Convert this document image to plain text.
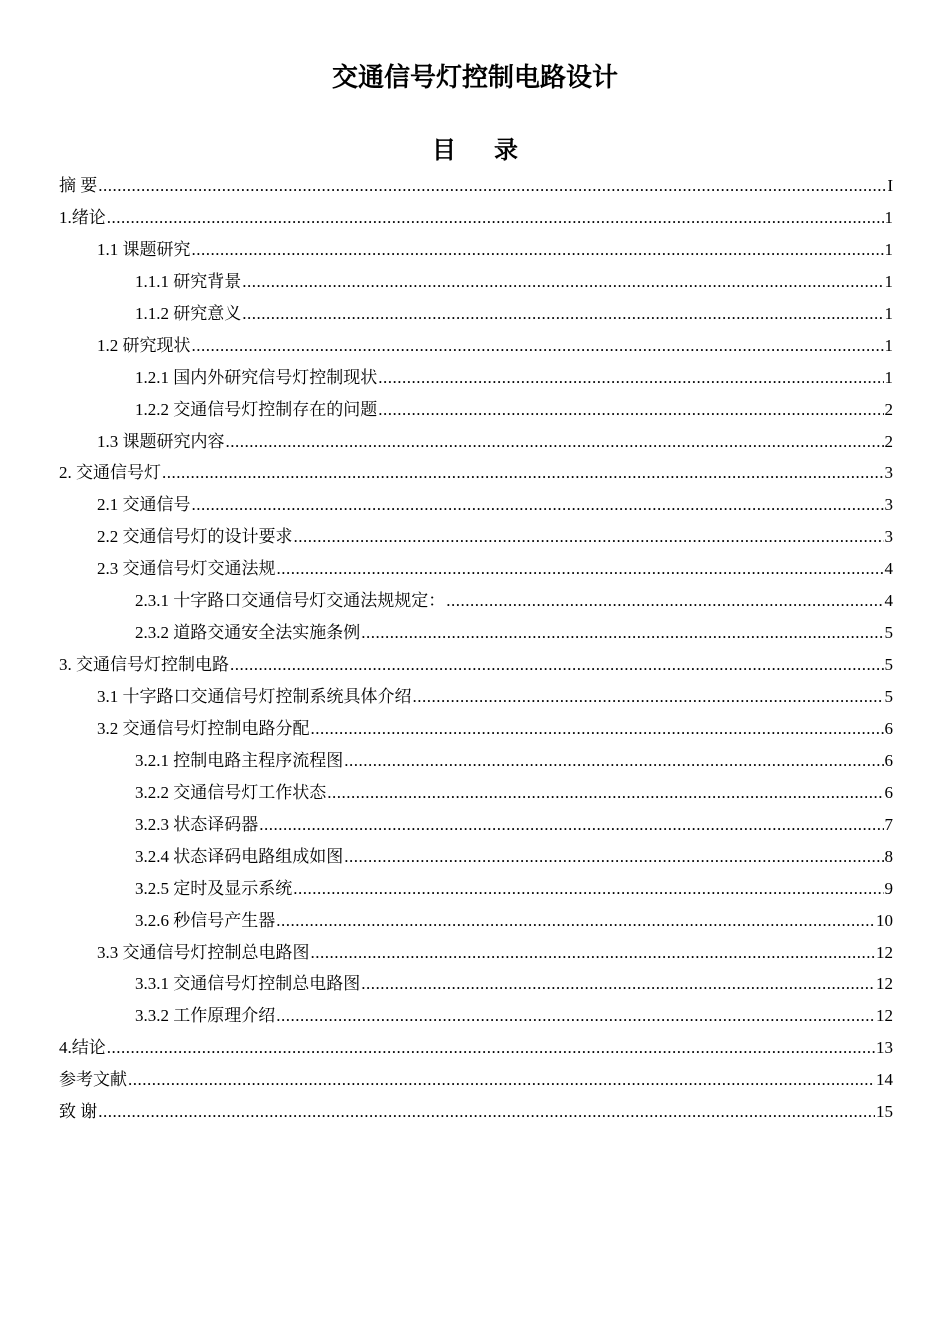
交通信号灯控制电路设计
目 录
摘 要 .....	I
1.绪论 .....	1
1.1 课题研究 .....	1
1.1.1 研究背景 .....	1
1.1.2 研究意义 .....	1
1.2 研究现状 .....	1
1.2.1 国内外研究信号灯控制现状 .....	1
1.2.2 交通信号灯控制存在的问题 .....	2
1.3 课题研究内容 .....	2
2. 交通信号灯 .....	3
2.1 交通信号 .....	3
2.2 交通信号灯的设计要求 .....	3
2.3 交通信号灯交通法规 .....	4
2.3.1 十字路口交通信号灯交通法规规定： .....	4
2.3.2 道路交通安全法实施条例 .....	5
3. 交通信号灯控制电路 .....	5
3.1 十字路口交通信号灯控制系统具体介绍 .....	5
3.2 交通信号灯控制电路分配 .....	6
3.2.1 控制电路主程序流程图 .....	6
3.2.2 交通信号灯工作状态 .....	6
3.2.3 状态译码器 .....	7
3.2.4 状态译码电路组成如图 .....	8
3.2.5 定时及显示系统 .....	9
3.2.6 秒信号产生器 .....	10
3.3 交通信号灯控制总电路图 .....	12
3.3.1 交通信号灯控制总电路图 .....	12
3.3.2 工作原理介绍 .....	12
4.结论 .....	13
参考文献 .....	14
致 谢 .....	15
